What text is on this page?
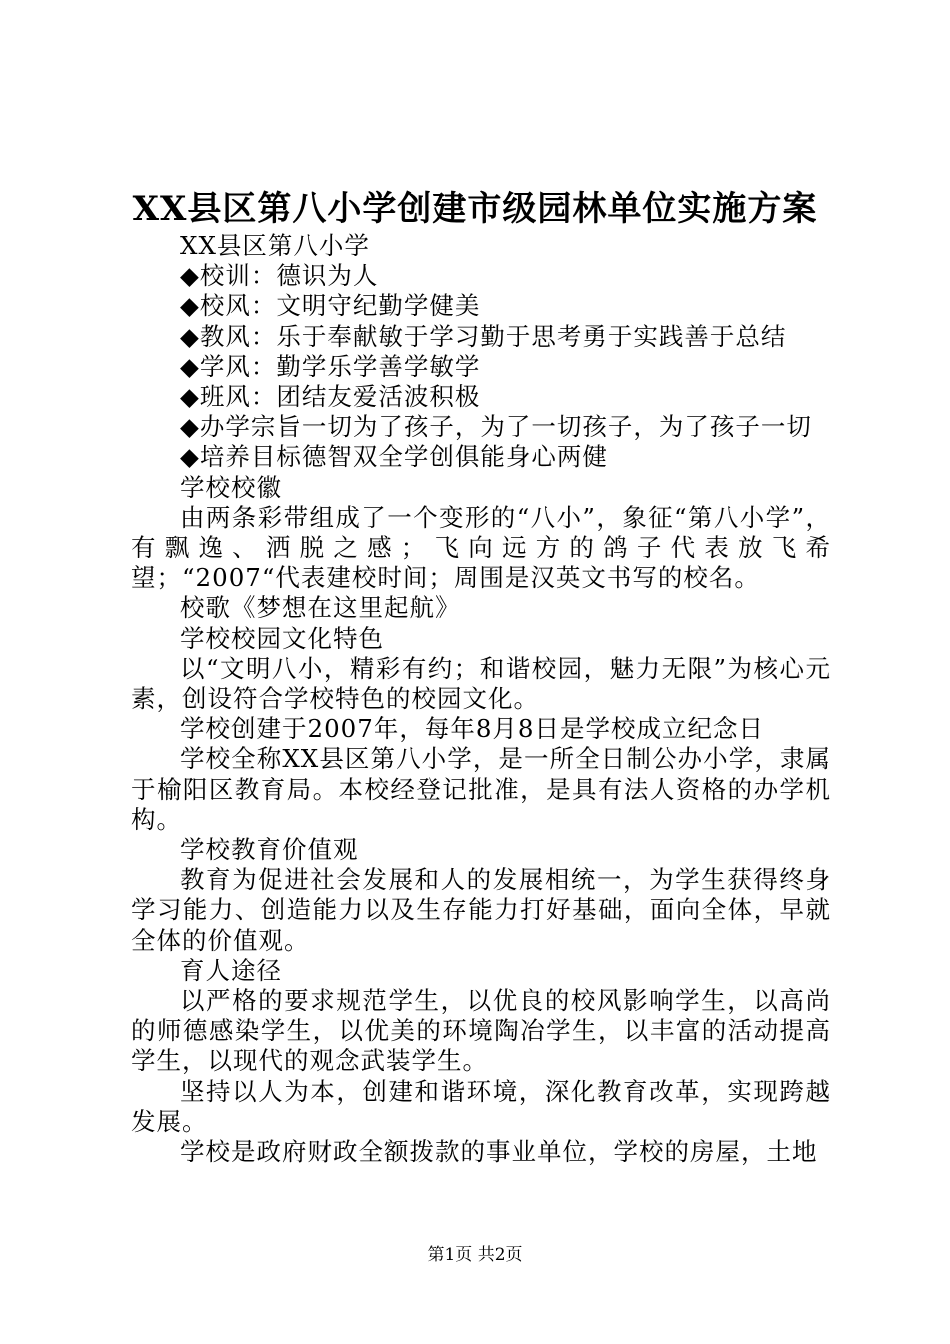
XX县区第八小学创建市级园林单位实施方案

XX县区第八小学

◆校训：德识为人

◆校风：文明守纪勤学健美

◆教风：乐于奉献敏于学习勤于思考勇于实践善于总结

◆学风：勤学乐学善学敏学

◆班风：团结友爱活波积极

◆办学宗旨一切为了孩子，为了一切孩子，为了孩子一切

◆培养目标德智双全学创俱能身心两健

学校校徽

由两条彩带组成了一个变形的“八小”，象征“第八小学”，有飘逸、洒脱之感；飞向远方的鸽子代表放飞希望；“2007“代表建校时间；周围是汉英文书写的校名。

校歌《梦想在这里起航》

学校校园文化特色

以“文明八小，精彩有约；和谐校园，魅力无限”为核心元素，创设符合学校特色的校园文化。

学校创建于2007年，每年8月8日是学校成立纪念日

学校全称XX县区第八小学，是一所全日制公办小学，隶属于榆阳区教育局。本校经登记批准，是具有法人资格的办学机构。

学校教育价值观

教育为促进社会发展和人的发展相统一，为学生获得终身学习能力、创造能力以及生存能力打好基础，面向全体，早就全体的价值观。

育人途径

以严格的要求规范学生，以优良的校风影响学生，以高尚的师德感染学生，以优美的环境陶冶学生，以丰富的活动提高学生，以现代的观念武装学生。

坚持以人为本，创建和谐环境，深化教育改革，实现跨越发展。

学校是政府财政全额拨款的事业单位，学校的房屋，土地

第1页 共2页
